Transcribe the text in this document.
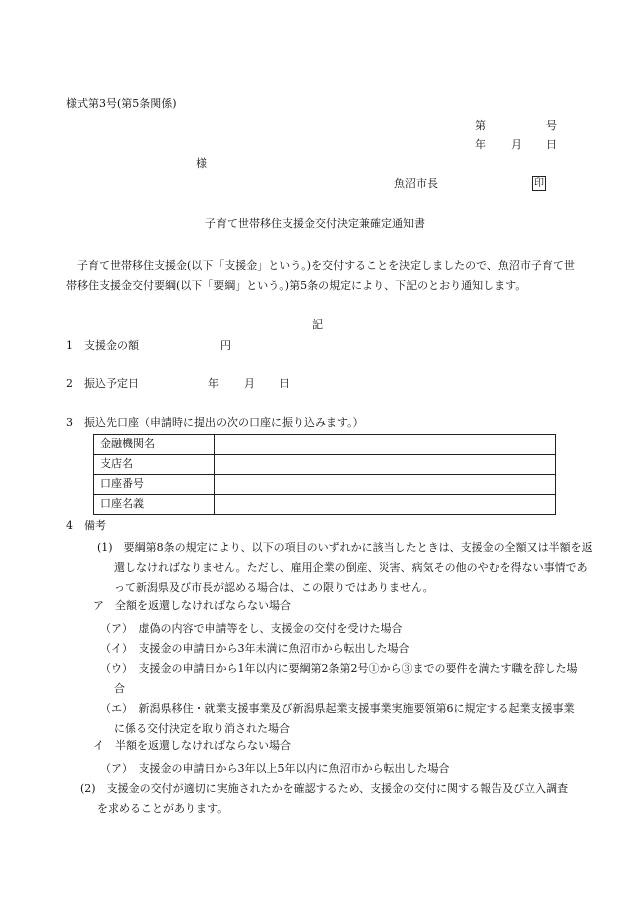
様式第3号(第5条関係)
第	号
年 月 日
様
魚沼市長	印
子育て世帯移住支援金交付決定兼確定通知書
子育て世帯移住支援金(以下「支援金」という。)を交付することを決定しましたので、魚沼市子育て世帯移住支援金交付要綱(以下「要綱」という。)第5条の規定により、下記のとおり通知します。
記
1　支援金の額	円
2　振込予定日	年 月 日
3　振込先口座（申請時に提出の次の口座に振り込みます。）
金融機関名	
支店名	
口座番号	
口座名義	
4　備考
(1)　要綱第8条の規定により、以下の項目のいずれかに該当したときは、支援金の全額又は半額を返還しなければなりません。ただし、雇用企業の倒産、災害、病気その他のやむを得ない事情であって新潟県及び市長が認める場合は、この限りではありません。
ア　全額を返還しなければならない場合
（ア）　虚偽の内容で申請等をし、支援金の交付を受けた場合
（イ）　支援金の申請日から3年未満に魚沼市から転出した場合
（ウ）　支援金の申請日から1年以内に要綱第2条第2号①から③までの要件を満たす職を辞した場合
（エ）　新潟県移住・就業支援事業及び新潟県起業支援事業実施要領第6に規定する起業支援事業に係る交付決定を取り消された場合
イ　半額を返還しなければならない場合
（ア）　支援金の申請日から3年以上5年以内に魚沼市から転出した場合
(2)　支援金の交付が適切に実施されたかを確認するため、支援金の交付に関する報告及び立入調査を求めることがあります。
